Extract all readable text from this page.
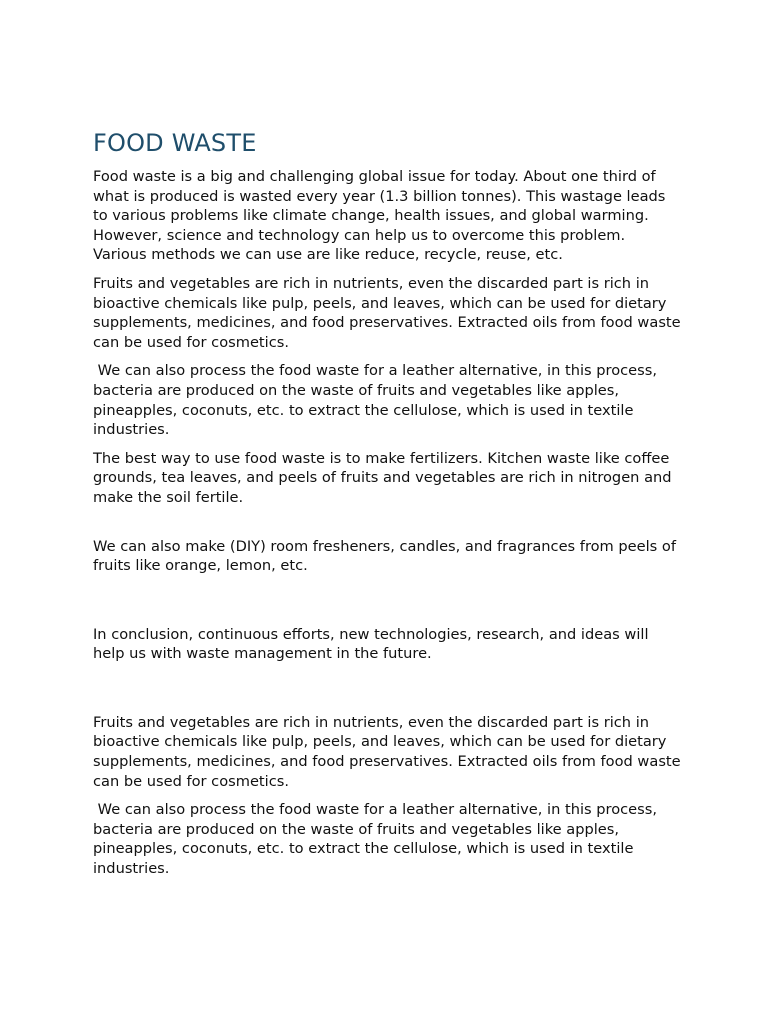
FOOD WASTE

Food waste is a big and challenging global issue for today. About one third of what is produced is wasted every year (1.3 billion tonnes). This wastage leads to various problems like climate change, health issues, and global warming. However, science and technology can help us to overcome this problem. Various methods we can use are like reduce, recycle, reuse, etc.

Fruits and vegetables are rich in nutrients, even the discarded part is rich in bioactive chemicals like pulp, peels, and leaves, which can be used for dietary supplements, medicines, and food preservatives. Extracted oils from food waste can be used for cosmetics.

We can also process the food waste for a leather alternative, in this process, bacteria are produced on the waste of fruits and vegetables like apples, pineapples, coconuts, etc. to extract the cellulose, which is used in textile industries.

The best way to use food waste is to make fertilizers. Kitchen waste like coffee grounds, tea leaves, and peels of fruits and vegetables are rich in nitrogen and make the soil fertile.

We can also make (DIY) room fresheners, candles, and fragrances from peels of fruits like orange, lemon, etc.

In conclusion, continuous efforts, new technologies, research, and ideas will help us with waste management in the future.

Fruits and vegetables are rich in nutrients, even the discarded part is rich in bioactive chemicals like pulp, peels, and leaves, which can be used for dietary supplements, medicines, and food preservatives. Extracted oils from food waste can be used for cosmetics.

We can also process the food waste for a leather alternative, in this process, bacteria are produced on the waste of fruits and vegetables like apples, pineapples, coconuts, etc. to extract the cellulose, which is used in textile industries.
